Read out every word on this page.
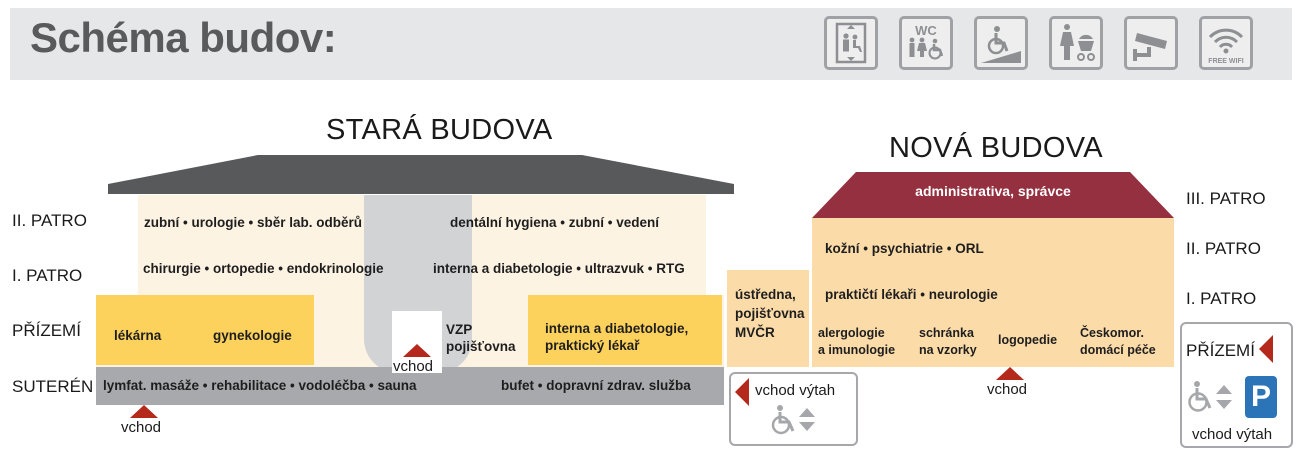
Schéma budov:	WC
FREE WIFI
STARÁ BUDOVA
vchod
II. PATRO
I. PATRO
PŘÍZEMÍ
SUTERÉN
zubní • urologie • sběr lab. odběrů	dentální hygiena • zubní • vedení
chirurgie • ortopedie • endokrinologie	interna a diabetologie • ultrazvuk • RTG
lékárna	gynekologie	VZP
pojišťovna
interna a diabetologie,
praktický lékař
lymfat. masáže • rehabilitace • vodoléčba • sauna	bufet • dopravní zdrav. služba
vchod
ústředna,
pojišťovna
MVČR
vchod výtah
NOVÁ BUDOVA
administrativa, správce
kožní • psychiatrie • ORL
praktičtí lékaři • neurologie
alergologie
a imunologie
schránka
na vzorky
logopedie Českomor.
domácí péče
vchod
III. PATRO
II. PATRO
I. PATRO
PŘÍZEMÍ
P
vchod výtah
